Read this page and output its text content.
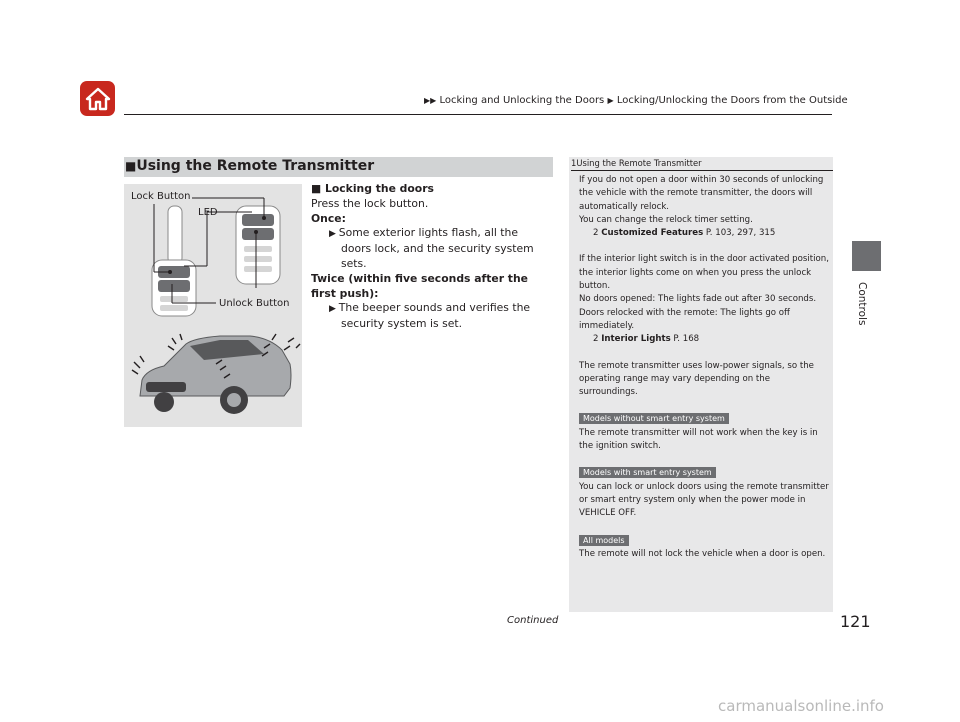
▶▶ Locking and Unlocking the Doors ▶ Locking/Unlocking the Doors from the Outside
Controls
■Using the Remote Transmitter
Lock Button
LED
Unlock Button
■ Locking the doors
Press the lock button.
Once:
▶ Some exterior lights flash, all the doors lock, and the security system sets.
Twice (within five seconds after the first push):
▶ The beeper sounds and verifies the security system is set.
1Using the Remote Transmitter

If you do not open a door within 30 seconds of unlocking the vehicle with the remote transmitter, the doors will automatically relock.

You can change the relock timer setting.

2 Customized Features P. 103, 297, 315

If the interior light switch is in the door activated position, the interior lights come on when you press the unlock button.

No doors opened: The lights fade out after 30 seconds.

Doors relocked with the remote: The lights go off immediately.

2 Interior Lights P. 168

The remote transmitter uses low-power signals, so the operating range may vary depending on the surroundings.

Models without smart entry system

The remote transmitter will not work when the key is in the ignition switch.

Models with smart entry system

You can lock or unlock doors using the remote transmitter or smart entry system only when the power mode in VEHICLE OFF.

All models

The remote will not lock the vehicle when a door is open.

Continued	121
carmanualsonline.info
